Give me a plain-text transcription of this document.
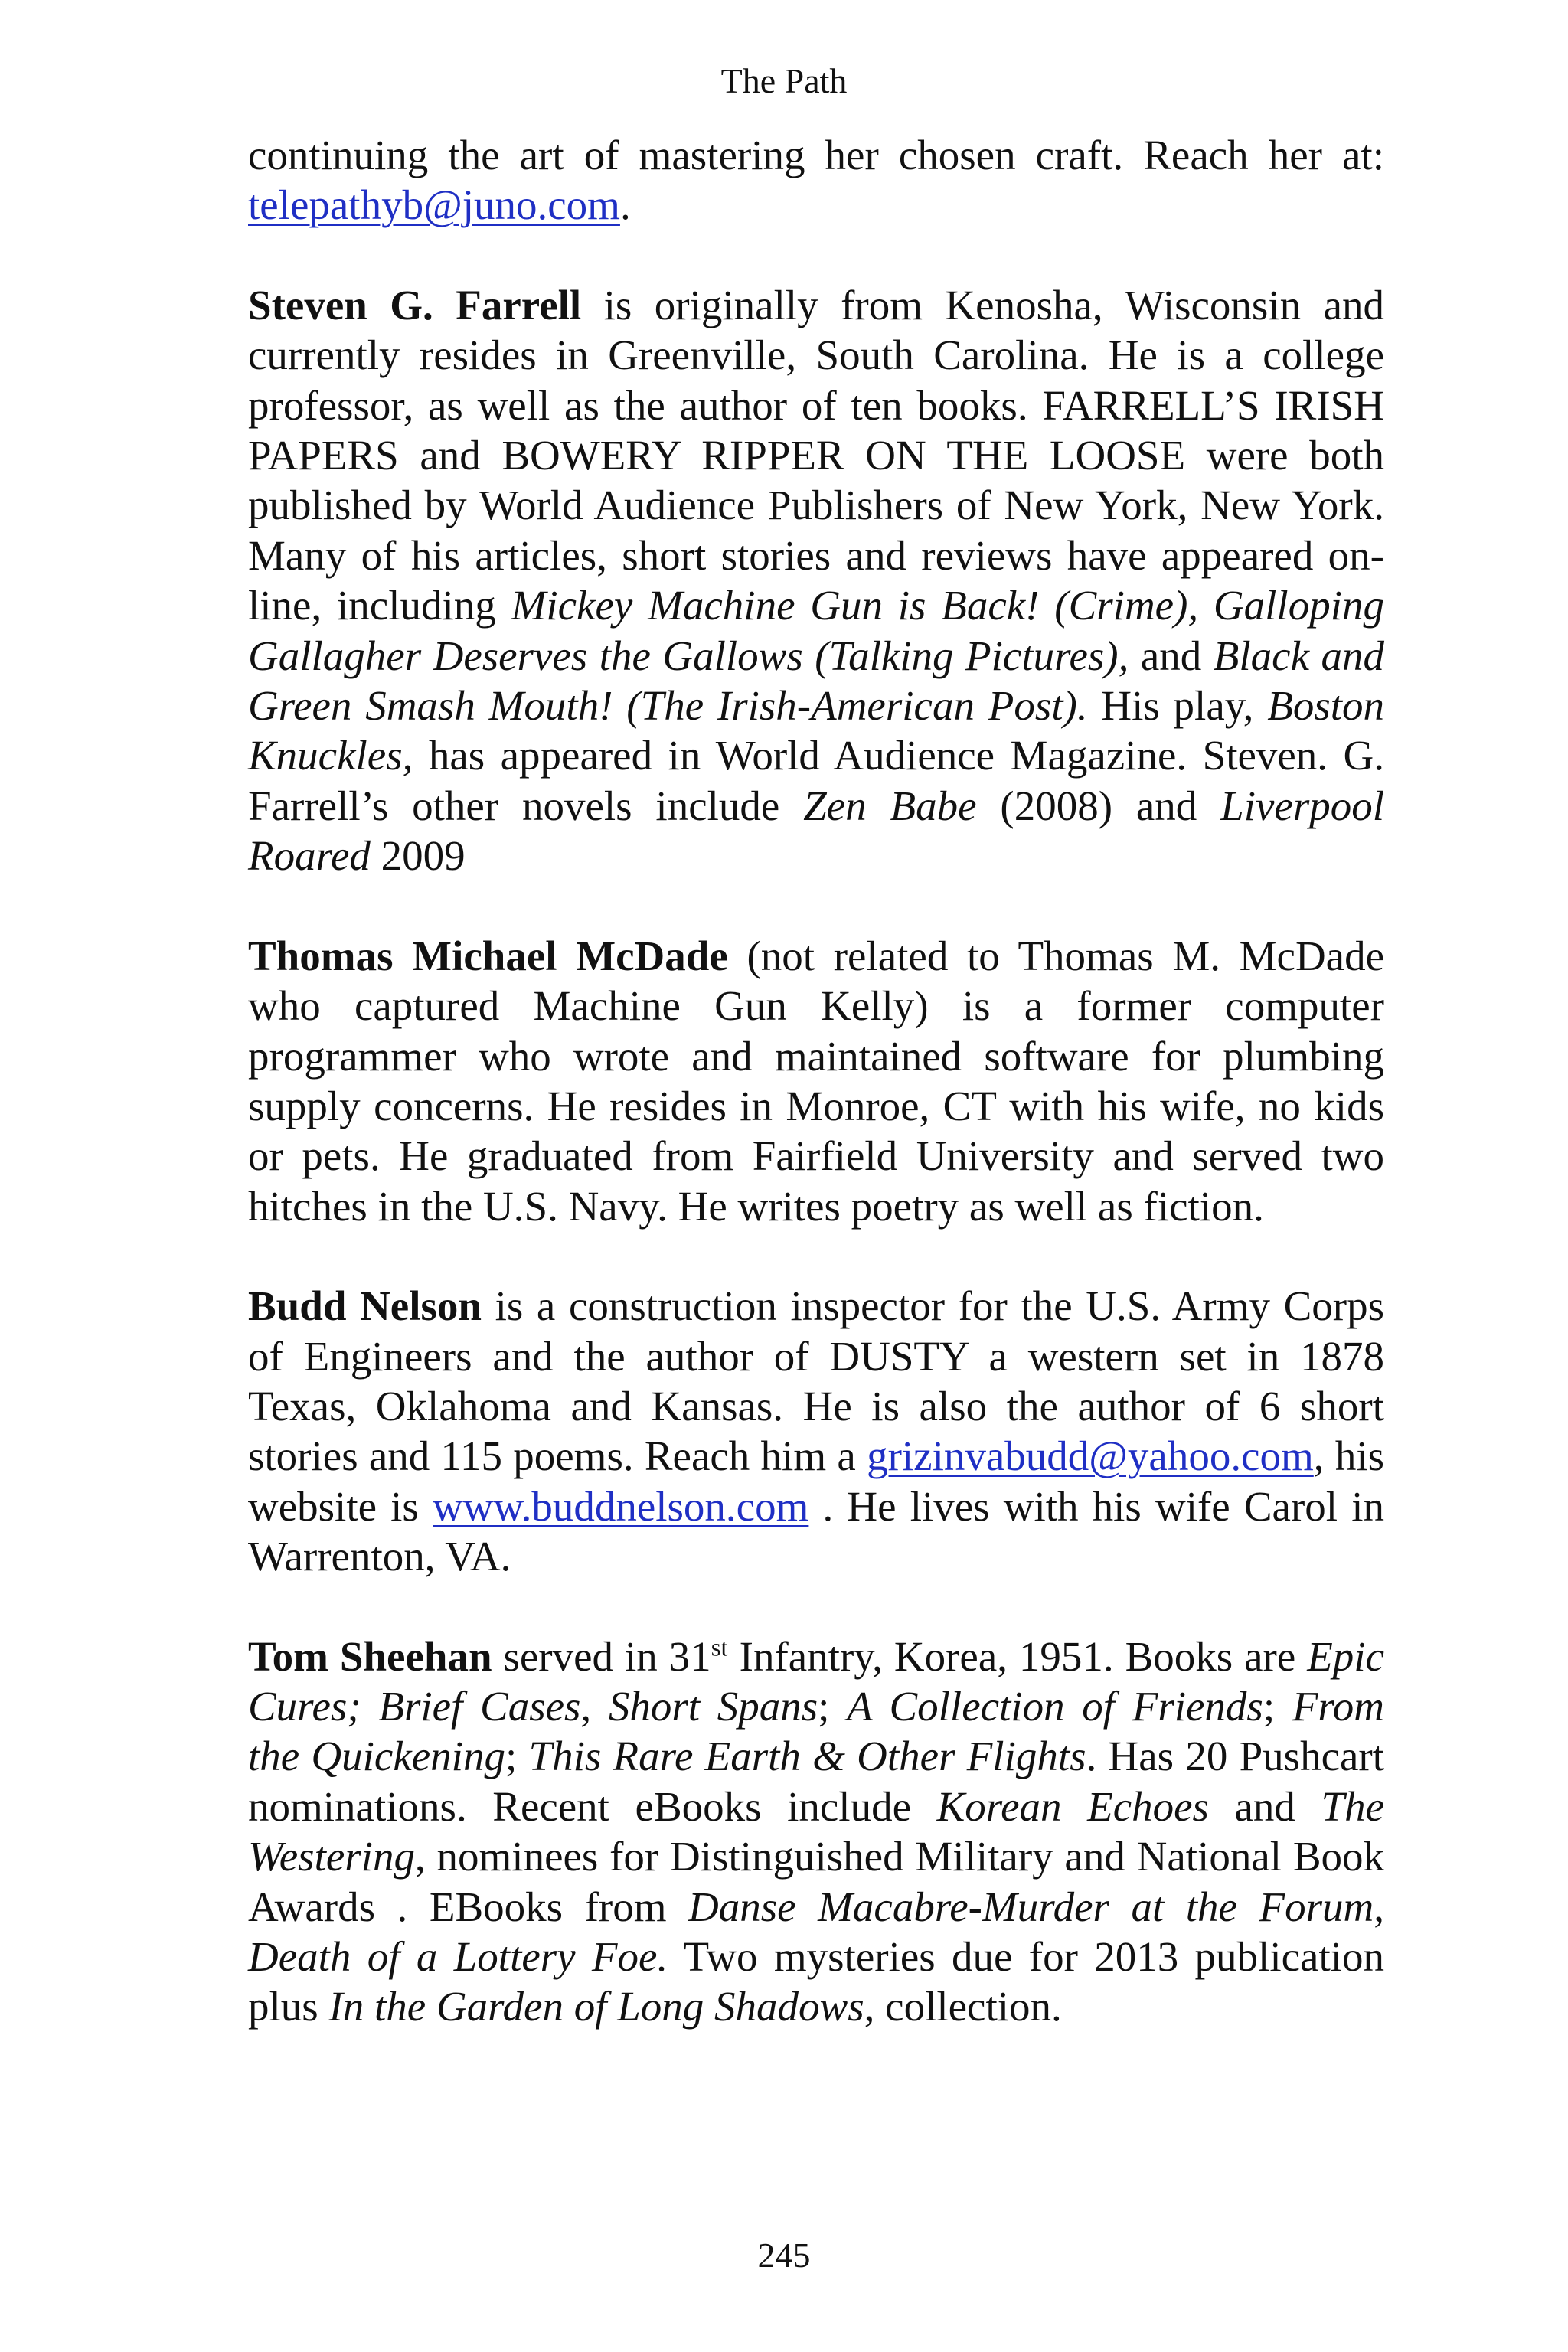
The Path

continuing the art of mastering her chosen craft. Reach her at: telepathyb@juno.com.

Steven G. Farrell is originally from Kenosha, Wisconsin and currently resides in Greenville, South Carolina. He is a college professor, as well as the author of ten books. FARRELL’S IRISH PAPERS and BOWERY RIPPER ON THE LOOSE were both published by World Audience Publishers of New York, New York. Many of his articles, short stories and reviews have appeared on-line, including Mickey Machine Gun is Back! (Crime), Galloping Gallagher Deserves the Gallows (Talking Pictures), and Black and Green Smash Mouth! (The Irish-American Post). His play, Boston Knuckles, has appeared in World Audience Magazine. Steven. G. Farrell’s other novels include Zen Babe (2008) and Liverpool Roared 2009

Thomas Michael McDade (not related to Thomas M. McDade who captured Machine Gun Kelly) is a former computer programmer who wrote and maintained software for plumbing supply concerns. He resides in Monroe, CT with his wife, no kids or pets. He graduated from Fairfield University and served two hitches in the U.S. Navy. He writes poetry as well as fiction.

Budd Nelson is a construction inspector for the U.S. Army Corps of Engineers and the author of DUSTY a western set in 1878 Texas, Oklahoma and Kansas. He is also the author of 6 short stories and 115 poems. Reach him a grizinvabudd@yahoo.com, his website is www.buddnelson.com . He lives with his wife Carol in Warrenton, VA.

Tom Sheehan served in 31st Infantry, Korea, 1951. Books are Epic Cures; Brief Cases, Short Spans; A Collection of Friends; From the Quickening; This Rare Earth & Other Flights. Has 20 Pushcart nominations. Recent eBooks include Korean Echoes and The Westering, nominees for Distinguished Military and National Book Awards . EBooks from Danse Macabre-Murder at the Forum, Death of a Lottery Foe. Two mysteries due for 2013 publication plus In the Garden of Long Shadows, collection.

245
